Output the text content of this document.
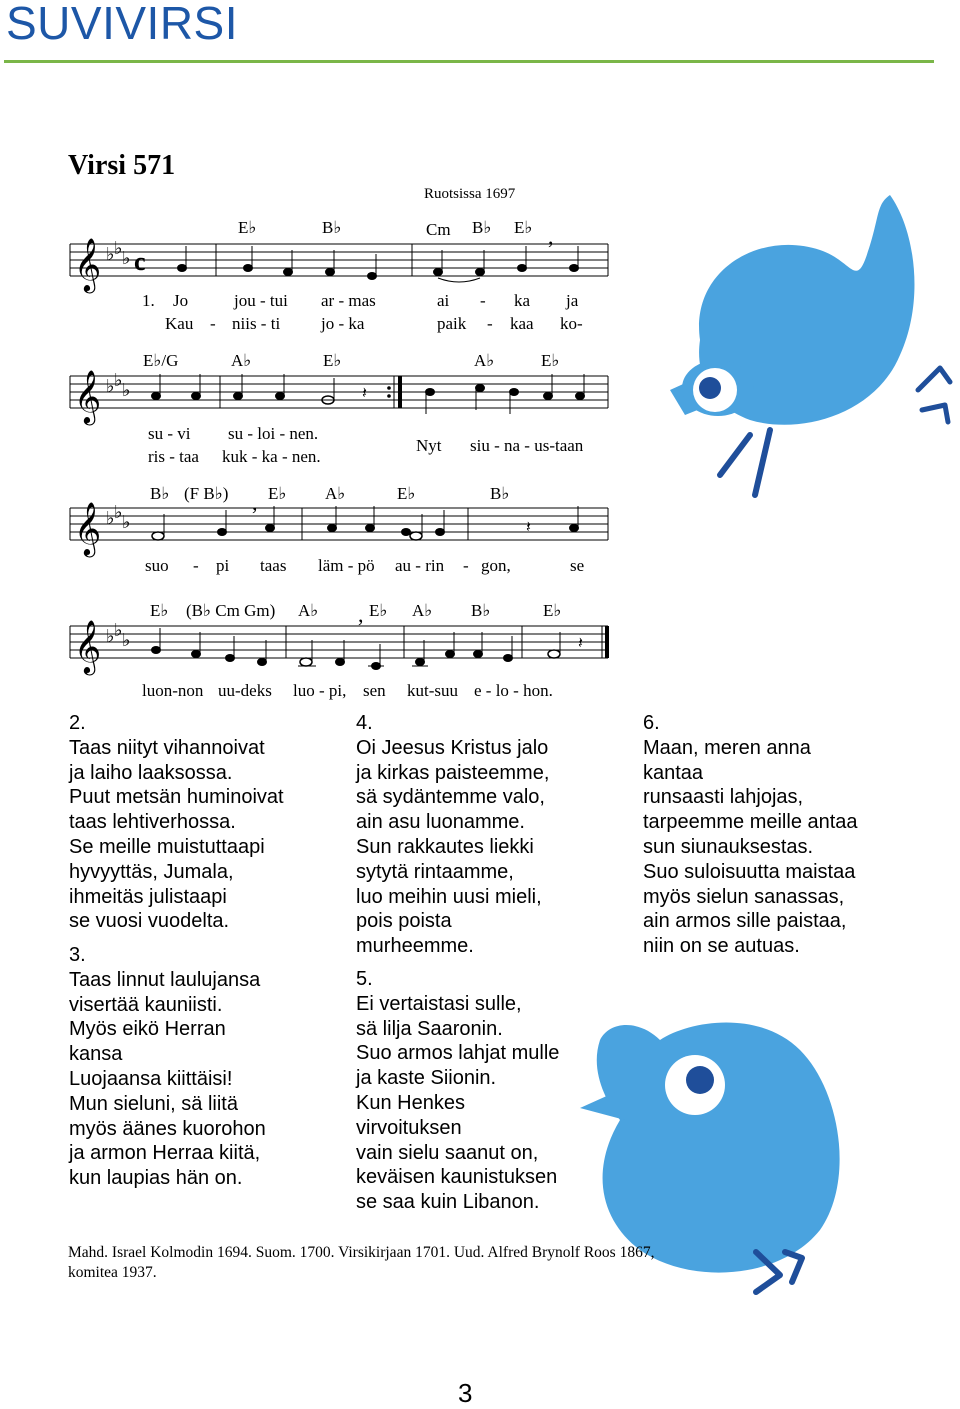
SUVIVIRSI
Virsi 571
Ruotsissa 1697
E♭	B♭	Cm B♭ E♭
𝄞 ♭ ♭ ♭ c
,
1. Jo	jou - tui ar - mas	ai - ka ja
Kau - niis - ti jo - ka	paik - kaa ko-
E♭/G	A♭	E♭	A♭	E♭
𝄞 ♭ ♭ ♭	𝄽
su - vi su - loi - nen.
Nyt siu - na - us-taan
ris - taa kuk - ka - nen.
B♭ (F B♭) E♭ A♭	E♭	B♭
𝄞 ♭ ♭ ♭
,
𝄽
suo - pi taas läm - pö au - rin - gon,	se
E♭ (B♭ Cm Gm) A♭	E♭ A♭ B♭	E♭
𝄞 ♭ ♭ ♭
,
𝄽
luon-non uu-deks luo - pi, sen kut-suu e - lo - hon.
2.
Taas niityt vihannoivat
ja laiho laaksossa.
Puut metsän huminoivat
taas lehtiverhossa.
Se meille muistuttaapi
hyvyyttäs, Jumala,
ihmeitäs julistaapi
se vuosi vuodelta.
3.
Taas linnut laulujansa
visertää kauniisti.
Myös eikö Herran
kansa
Luojaansa kiittäisi!
Mun sieluni, sä liitä
myös äänes kuorohon
ja armon Herraa kiitä,
kun laupias hän on.
4.
Oi Jeesus Kristus jalo
ja kirkas paisteemme,
sä sydäntemme valo,
ain asu luonamme.
Sun rakkautes liekki
sytytä rintaamme,
luo meihin uusi mieli,
pois poista
murheemme.
5.
Ei vertaistasi sulle,
sä lilja Saaronin.
Suo armos lahjat mulle
ja kaste Siionin.
Kun Henkes
virvoituksen
vain sielu saanut on,
keväisen kaunistuksen
se saa kuin Libanon.
6.
Maan, meren anna
kantaa
runsaasti lahjojas,
tarpeemme meille antaa
sun siunauksestas.
Suo suloisuutta maistaa
myös sielun sanassas,
ain armos sille paistaa,
niin on se autuas.
Mahd. Israel Kolmodin 1694. Suom. 1700. Virsikirjaan 1701. Uud. Alfred Brynolf Roos 1867,
komitea 1937.
3
